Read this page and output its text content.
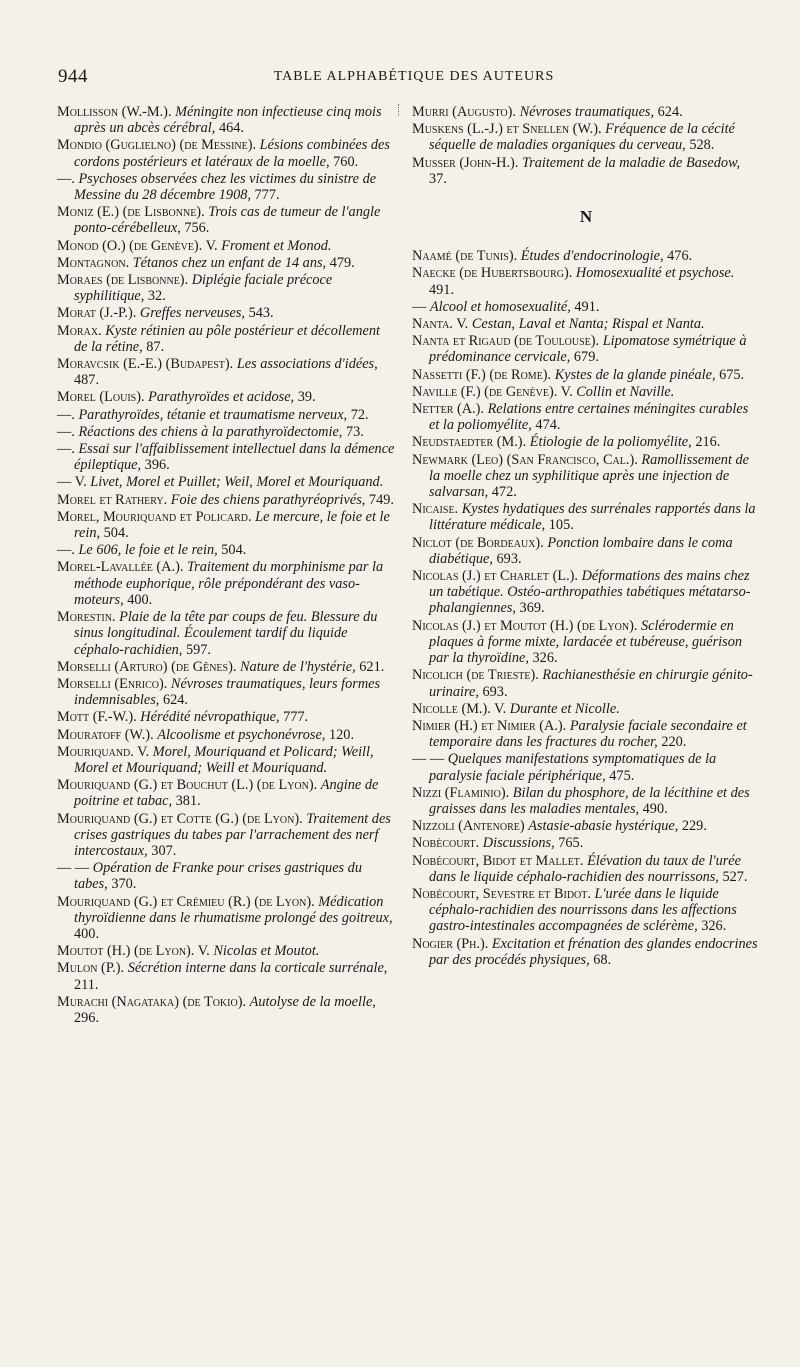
944	TABLE ALPHABÉTIQUE DES AUTEURS
Mollisson (W.-M.). Méningite non infectieuse cinq mois après un abcès cérébral, 464.
Mondio (Guglielno) (de Messine). Lésions combinées des cordons postérieurs et latéraux de la moelle, 760.
—. Psychoses observées chez les victimes du sinistre de Messine du 28 décembre 1908, 777.
Moniz (E.) (de Lisbonne). Trois cas de tumeur de l'angle ponto-cérébelleux, 756.
Monod (O.) (de Genève). V. Froment et Monod.
Montagnon. Tétanos chez un enfant de 14 ans, 479.
Moraes (de Lisbonne). Diplégie faciale précoce syphilitique, 32.
Morat (J.-P.). Greffes nerveuses, 543.
Morax. Kyste rétinien au pôle postérieur et décollement de la rétine, 87.
Moravcsik (E.-E.) (Budapest). Les associations d'idées, 487.
Morel (Louis). Parathyroïdes et acidose, 39.
—. Parathyroïdes, tétanie et traumatisme nerveux, 72.
—. Réactions des chiens à la parathyroïdectomie, 73.
—. Essai sur l'affaiblissement intellectuel dans la démence épileptique, 396.
— V. Livet, Morel et Puillet; Weil, Morel et Mouriquand.
Morel et Rathery. Foie des chiens parathyréoprivés, 749.
Morel, Mouriquand et Policard. Le mercure, le foie et le rein, 504.
—. Le 606, le foie et le rein, 504.
Morel-Lavallée (A.). Traitement du morphinisme par la méthode euphorique, rôle prépondérant des vaso-moteurs, 400.
Morestin. Plaie de la tête par coups de feu. Blessure du sinus longitudinal. Écoulement tardif du liquide céphalo-rachidien, 597.
Morselli (Arturo) (de Gênes). Nature de l'hystérie, 621.
Morselli (Enrico). Névroses traumatiques, leurs formes indemnisables, 624.
Mott (F.-W.). Hérédité névropathique, 777.
Mouratoff (W.). Alcoolisme et psychonévrose, 120.
Mouriquand. V. Morel, Mouriquand et Policard; Weill, Morel et Mouriquand; Weill et Mouriquand.
Mouriquand (G.) et Bouchut (L.) (de Lyon). Angine de poitrine et tabac, 381.
Mouriquand (G.) et Cotte (G.) (de Lyon). Traitement des crises gastriques du tabes par l'arrachement des nerf intercostaux, 307.
— — Opération de Franke pour crises gastriques du tabes, 370.
Mouriquand (G.) et Crémieu (R.) (de Lyon). Médication thyroïdienne dans le rhumatisme prolongé des goitreux, 400.
Moutot (H.) (de Lyon). V. Nicolas et Moutot.
Mulon (P.). Sécrétion interne dans la corticale surrénale, 211.
Murachi (Nagataka) (de Tokio). Autolyse de la moelle, 296.
Murri (Augusto). Névroses traumatiques, 624.
Muskens (L.-J.) et Snellen (W.). Fréquence de la cécité séquelle de maladies organiques du cerveau, 528.
Musser (John-H.). Traitement de la maladie de Basedow, 37.
N
Naamé (de Tunis). Études d'endocrinologie, 476.
Naecke (de Hubertsbourg). Homosexualité et psychose. 491.
— Alcool et homosexualité, 491.
Nanta. V. Cestan, Laval et Nanta; Rispal et Nanta.
Nanta et Rigaud (de Toulouse). Lipomatose symétrique à prédominance cervicale, 679.
Nassetti (F.) (de Rome). Kystes de la glande pinéale, 675.
Naville (F.) (de Genève). V. Collin et Naville.
Netter (A.). Relations entre certaines méningites curables et la poliomyélite, 474.
Neudstaedter (M.). Étiologie de la poliomyélite, 216.
Newmark (Leo) (San Francisco, Cal.). Ramollissement de la moelle chez un syphilitique après une injection de salvarsan, 472.
Nicaise. Kystes hydatiques des surrénales rapportés dans la littérature médicale, 105.
Niclot (de Bordeaux). Ponction lombaire dans le coma diabétique, 693.
Nicolas (J.) et Charlet (L.). Déformations des mains chez un tabétique. Ostéo-arthropathies tabétiques métatarso-phalangiennes, 369.
Nicolas (J.) et Moutot (H.) (de Lyon). Sclérodermie en plaques à forme mixte, lardacée et tubéreuse, guérison par la thyroïdine, 326.
Nicolich (de Trieste). Rachianesthésie en chirurgie génito-urinaire, 693.
Nicolle (M.). V. Durante et Nicolle.
Nimier (H.) et Nimier (A.). Paralysie faciale secondaire et temporaire dans les fractures du rocher, 220.
— — Quelques manifestations symptomatiques de la paralysie faciale périphérique, 475.
Nizzi (Flaminio). Bilan du phosphore, de la lécithine et des graisses dans les maladies mentales, 490.
Nizzoli (Antenore) Astasie-abasie hystérique, 229.
Nobécourt. Discussions, 765.
Nobécourt, Bidot et Mallet. Élévation du taux de l'urée dans le liquide céphalo-rachidien des nourrissons, 527.
Nobécourt, Sevestre et Bidot. L'urée dans le liquide céphalo-rachidien des nourrissons dans les affections gastro-intestinales accompagnées de sclérème, 326.
Nogier (Ph.). Excitation et frénation des glandes endocrines par des procédés physiques, 68.
